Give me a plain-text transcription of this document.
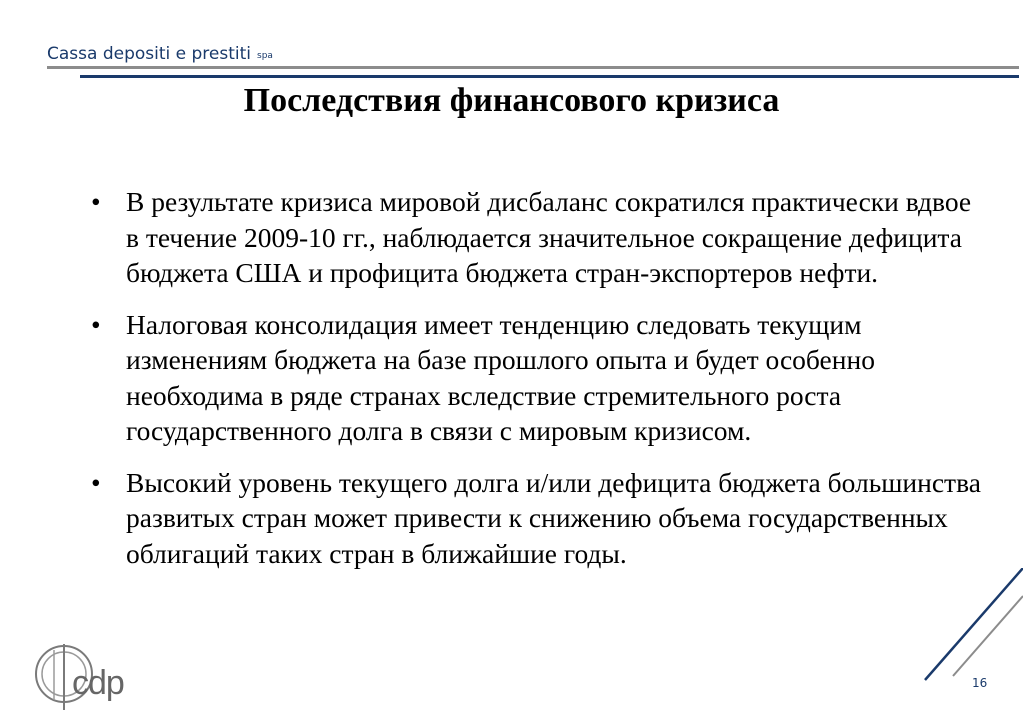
Cassa depositi e prestiti spa
Последствия финансового кризиса
• В результате кризиса мировой дисбаланс сократился практически вдвое в течение 2009-10 гг., наблюдается значительное сокращение дефицита бюджета США и профицита бюджета стран-экспортеров нефти.
• Налоговая консолидация имеет тенденцию следовать текущим изменениям бюджета на базе прошлого опыта и будет особенно необходима в ряде странах вследствие стремительного роста государственного долга в связи с мировым кризисом.
• Высокий уровень текущего долга и/или дефицита бюджета большинства развитых стран может привести к снижению объема государственных облигаций таких стран в ближайшие годы.
cdp	16
